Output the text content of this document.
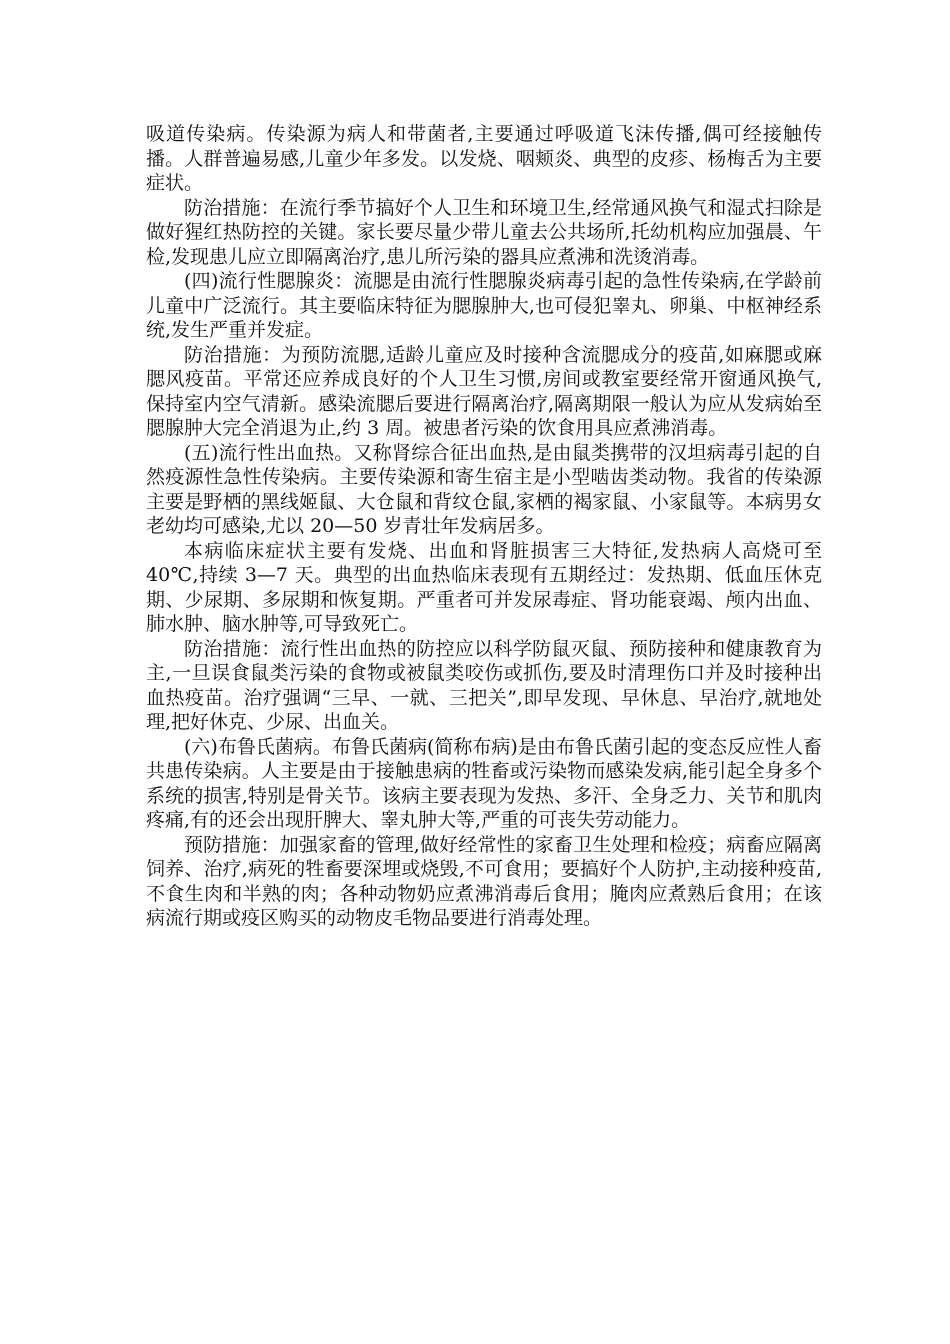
吸道传染病。传染源为病人和带菌者,主要通过呼吸道飞沫传播,偶可经接触传播。人群普遍易感,儿童少年多发。以发烧、咽颊炎、典型的皮疹、杨梅舌为主要症状。

防治措施：在流行季节搞好个人卫生和环境卫生,经常通风换气和湿式扫除是做好猩红热防控的关键。家长要尽量少带儿童去公共场所,托幼机构应加强晨、午检,发现患儿应立即隔离治疗,患儿所污染的器具应煮沸和洗烫消毒。

(四)流行性腮腺炎：流腮是由流行性腮腺炎病毒引起的急性传染病,在学龄前儿童中广泛流行。其主要临床特征为腮腺肿大,也可侵犯睾丸、卵巢、中枢神经系统,发生严重并发症。

防治措施：为预防流腮,适龄儿童应及时接种含流腮成分的疫苗,如麻腮或麻腮风疫苗。平常还应养成良好的个人卫生习惯,房间或教室要经常开窗通风换气,保持室内空气清新。感染流腮后要进行隔离治疗,隔离期限一般认为应从发病始至腮腺肿大完全消退为止,约 3 周。被患者污染的饮食用具应煮沸消毒。

(五)流行性出血热。又称肾综合征出血热,是由鼠类携带的汉坦病毒引起的自然疫源性急性传染病。主要传染源和寄生宿主是小型啮齿类动物。我省的传染源主要是野栖的黑线姬鼠、大仓鼠和背纹仓鼠,家栖的褐家鼠、小家鼠等。本病男女老幼均可感染,尤以 20—50 岁青壮年发病居多。

本病临床症状主要有发烧、出血和肾脏损害三大特征,发热病人高烧可至 40℃,持续 3—7 天。典型的出血热临床表现有五期经过：发热期、低血压休克期、少尿期、多尿期和恢复期。严重者可并发尿毒症、肾功能衰竭、颅内出血、肺水肿、脑水肿等,可导致死亡。

防治措施：流行性出血热的防控应以科学防鼠灭鼠、预防接种和健康教育为主,一旦误食鼠类污染的食物或被鼠类咬伤或抓伤,要及时清理伤口并及时接种出血热疫苗。治疗强调“三早、一就、三把关”,即早发现、早休息、早治疗,就地处理,把好休克、少尿、出血关。

(六)布鲁氏菌病。布鲁氏菌病(简称布病)是由布鲁氏菌引起的变态反应性人畜共患传染病。人主要是由于接触患病的牲畜或污染物而感染发病,能引起全身多个系统的损害,特别是骨关节。该病主要表现为发热、多汗、全身乏力、关节和肌肉疼痛,有的还会出现肝脾大、睾丸肿大等,严重的可丧失劳动能力。

预防措施：加强家畜的管理,做好经常性的家畜卫生处理和检疫；病畜应隔离饲养、治疗,病死的牲畜要深埋或烧毁,不可食用；要搞好个人防护,主动接种疫苗,不食生肉和半熟的肉；各种动物奶应煮沸消毒后食用；腌肉应煮熟后食用；在该病流行期或疫区购买的动物皮毛物品要进行消毒处理。
